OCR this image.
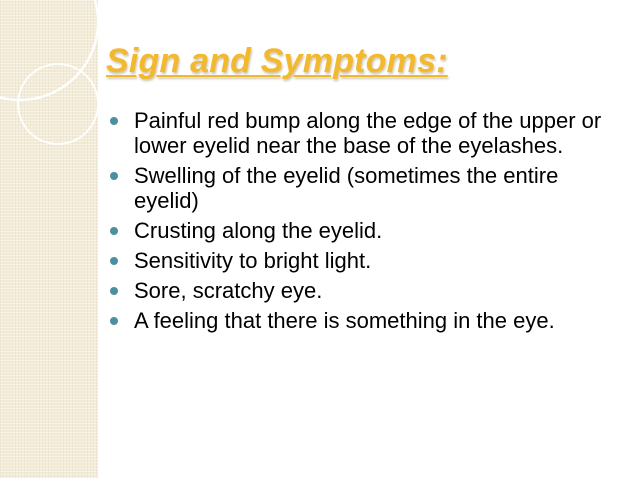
Sign and Symptoms:
Painful red bump along the edge of the upper or lower eyelid near the base of the eyelashes.
Swelling of the eyelid (sometimes the entire eyelid)
Crusting along the eyelid.
Sensitivity to bright light.
Sore, scratchy eye.
A feeling that there is something in the eye.
